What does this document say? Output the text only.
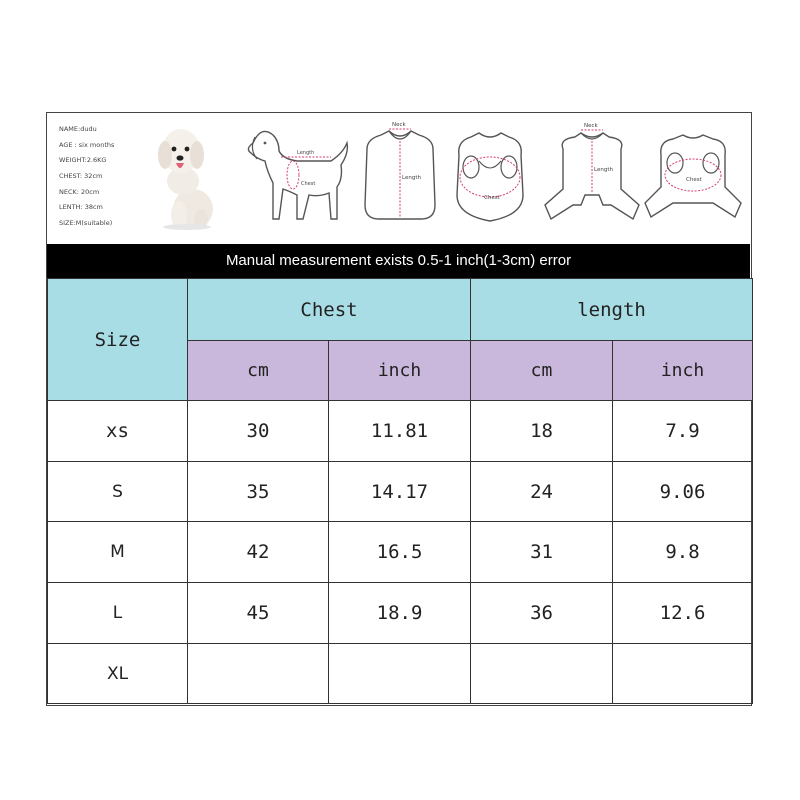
NAME:dudu
AGE : six months
WEIGHT:2.6KG
CHEST: 32cm
NECK: 20cm
LENTH: 38cm
SIZE:M(suitable)
Length
Chest
Neck
Length
Chest
Neck
Length
Chest
Manual measurement exists 0.5-1 inch(1-3cm) error
Size	Chest		length	
	cm	inch	cm	inch
xs	30	11.81	18	7.9
S	35	14.17	24	9.06
M	42	16.5	31	9.8
L	45	18.9	36	12.6
XL				
